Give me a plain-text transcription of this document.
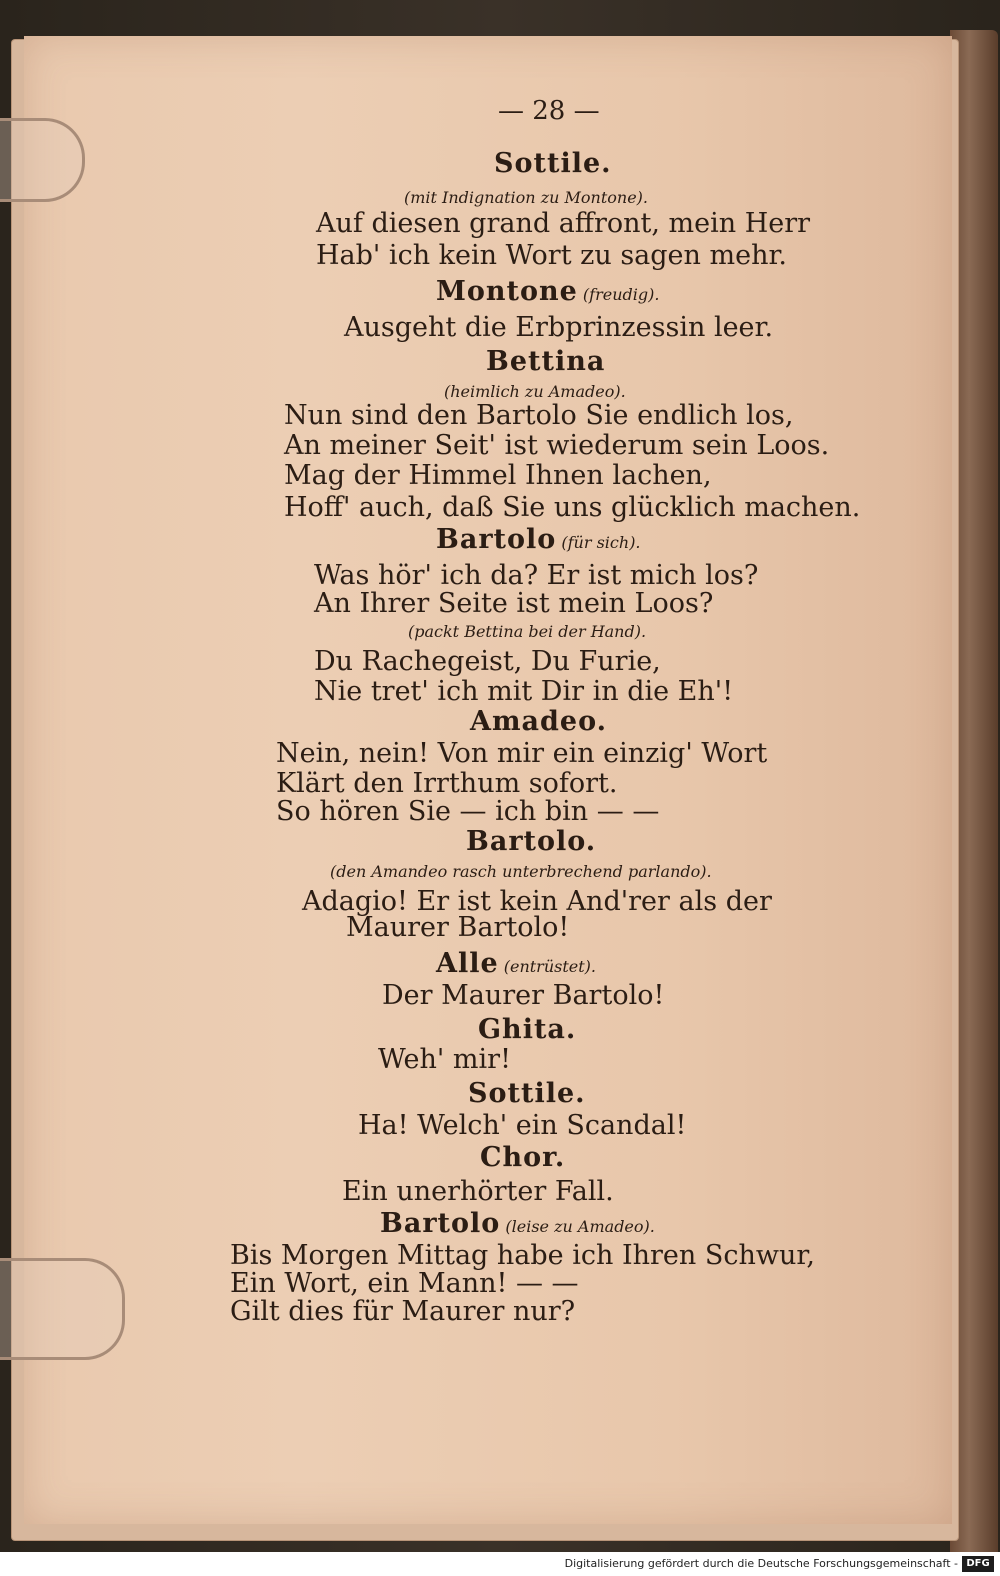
— 28 —
Sottile.
(mit Indignation zu Montone).
Auf diesen grand affront, mein Herr
Hab' ich kein Wort zu sagen mehr.
Montone (freudig).
Ausgeht die Erbprinzessin leer.
Bettina
(heimlich zu Amadeo).
Nun sind den Bartolo Sie endlich los,
An meiner Seit' ist wiederum sein Loos.
Mag der Himmel Ihnen lachen,
Hoff' auch, daß Sie uns glücklich machen.
Bartolo (für sich).
Was hör' ich da? Er ist mich los?
An Ihrer Seite ist mein Loos?
(packt Bettina bei der Hand).
Du Rachegeist, Du Furie,
Nie tret' ich mit Dir in die Eh'!
Amadeo.
Nein, nein! Von mir ein einzig' Wort
Klärt den Irrthum sofort.
So hören Sie — ich bin — —
Bartolo.
(den Amandeo rasch unterbrechend parlando).
Adagio! Er ist kein And'rer als der
Maurer Bartolo!
Alle (entrüstet).
Der Maurer Bartolo!
Ghita.
Weh' mir!
Sottile.
Ha! Welch' ein Scandal!
Chor.
Ein unerhörter Fall.
Bartolo (leise zu Amadeo).
Bis Morgen Mittag habe ich Ihren Schwur,
Ein Wort, ein Mann! — —
Gilt dies für Maurer nur?
Digitalisierung gefördert durch die Deutsche Forschungsgemeinschaft - DFG
